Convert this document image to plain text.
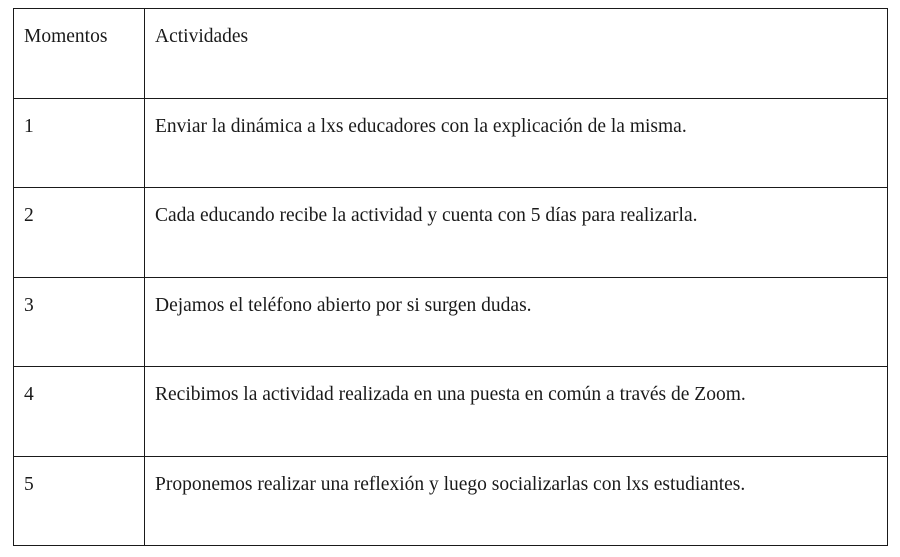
Momentos	Actividades
1	Enviar la dinámica a lxs educadores con la explicación de la misma.
2	Cada educando recibe la actividad y cuenta con 5 días para realizarla.
3	Dejamos el teléfono abierto por si surgen dudas.
4	Recibimos la actividad realizada en una puesta en común a través de Zoom.
5	Proponemos realizar una reflexión y luego socializarlas con lxs estudiantes.
